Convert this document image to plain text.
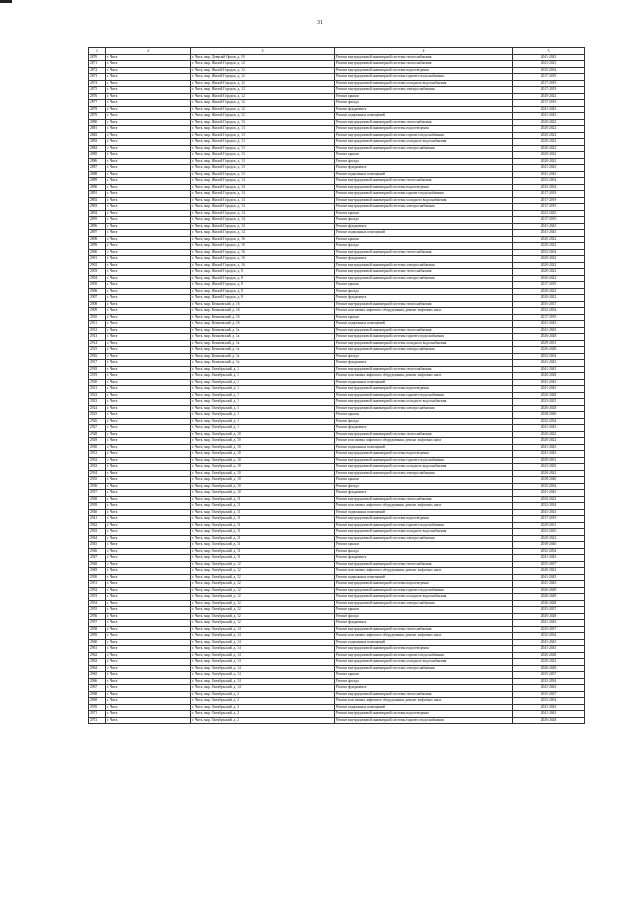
31
1	2	3	4	5
2870	г. Чита	г. Чита, мкр. Девятый Орлов, д. 10	Ремонт внутридомовой инженерной системы теплоснабжения	2041-2043
2871	г. Чита	г. Чита, мкр. Жилой Городок, д. 12	Ремонт внутридомовой инженерной системы теплоснабжения	2023-2025
2872	г. Чита	г. Чита, мкр. Жилой Городок, д. 12	Ремонт внутридомовой инженерной системы водоотведения	2032-2034
2873	г. Чита	г. Чита, мкр. Жилой Городок, д. 12	Ремонт внутридомовой инженерной системы горячего водоснабжения	2017-2019
2874	г. Чита	г. Чита, мкр. Жилой Городок, д. 12	Ремонт внутридомовой инженерной системы холодного водоснабжения	2017-2019
2875	г. Чита	г. Чита, мкр. Жилой Городок, д. 12	Ремонт внутридомовой инженерной системы электроснабжения	2017-2019
2876	г. Чита	г. Чита, мкр. Жилой Городок, д. 12	Ремонт крыши	2020-2022
2877	г. Чита	г. Чита, мкр. Жилой Городок, д. 12	Ремонт фасада	2017-2019
2878	г. Чита	г. Чита, мкр. Жилой Городок, д. 12	Ремонт фундамента	2041-2043
2879	г. Чита	г. Чита, мкр. Жилой Городок, д. 12	Ремонт подвальных помещений	2041-2043
2880	г. Чита	г. Чита, мкр. Жилой Городок, д. 13	Ремонт внутридомовой инженерной системы теплоснабжения	2020-2022
2881	г. Чита	г. Чита, мкр. Жилой Городок, д. 13	Ремонт внутридомовой инженерной системы водоотведения	2020-2022
2882	г. Чита	г. Чита, мкр. Жилой Городок, д. 13	Ремонт внутридомовой инженерной системы горячего водоснабжения	2020-2022
2883	г. Чита	г. Чита, мкр. Жилой Городок, д. 13	Ремонт внутридомовой инженерной системы холодного водоснабжения	2020-2022
2884	г. Чита	г. Чита, мкр. Жилой Городок, д. 13	Ремонт внутридомовой инженерной системы электроснабжения	2020-2022
2885	г. Чита	г. Чита, мкр. Жилой Городок, д. 13	Ремонт крыши	2020-2022
2886	г. Чита	г. Чита, мкр. Жилой Городок, д. 13	Ремонт фасада	2020-2022
2887	г. Чита	г. Чита, мкр. Жилой Городок, д. 13	Ремонт фундамента	2041-2043
2888	г. Чита	г. Чита, мкр. Жилой Городок, д. 13	Ремонт подвальных помещений	2041-2043
2889	г. Чита	г. Чита, мкр. Жилой Городок, д. 14	Ремонт внутридомовой инженерной системы теплоснабжения	2032-2034
2890	г. Чита	г. Чита, мкр. Жилой Городок, д. 14	Ремонт внутридомовой инженерной системы водоотведения	2032-2034
2891	г. Чита	г. Чита, мкр. Жилой Городок, д. 14	Ремонт внутридомовой инженерной системы горячего водоснабжения	2017-2019
2892	г. Чита	г. Чита, мкр. Жилой Городок, д. 14	Ремонт внутридомовой инженерной системы холодного водоснабжения	2017-2019
2893	г. Чита	г. Чита, мкр. Жилой Городок, д. 14	Ремонт внутридомовой инженерной системы электроснабжения	2017-2019
2894	г. Чита	г. Чита, мкр. Жилой Городок, д. 14	Ремонт крыши	2023-2025
2895	г. Чита	г. Чита, мкр. Жилой Городок, д. 14	Ремонт фасада	2017-2019
2896	г. Чита	г. Чита, мкр. Жилой Городок, д. 14	Ремонт фундамента	2041-2043
2897	г. Чита	г. Чита, мкр. Жилой Городок, д. 14	Ремонт подвальных помещений	2041-2043
2898	г. Чита	г. Чита, мкр. Жилой Городок, д. 16	Ремонт крыши	2020-2022
2899	г. Чита	г. Чита, мкр. Жилой Городок, д. 16	Ремонт фасада	2020-2022
2900	г. Чита	г. Чита, мкр. Жилой Городок, д. 16	Ремонт внутридомовой инженерной системы теплоснабжения	2032-2034
2901	г. Чита	г. Чита, мкр. Жилой Городок, д. 16	Ремонт фундамента	2020-2022
2902	г. Чита	г. Чита, мкр. Жилой Городок, д. 16	Ремонт внутридомовой инженерной системы электроснабжения	2020-2022
2903	г. Чита	г. Чита, мкр. Жилой Городок, д. 8	Ремонт внутридомовой инженерной системы теплоснабжения	2020-2022
2904	г. Чита	г. Чита, мкр. Жилой Городок, д. 8	Ремонт внутридомовой инженерной системы электроснабжения	2020-2022
2905	г. Чита	г. Чита, мкр. Жилой Городок, д. 8	Ремонт крыши	2017-2019
2906	г. Чита	г. Чита, мкр. Жилой Городок, д. 8	Ремонт фасада	2020-2022
2907	г. Чита	г. Чита, мкр. Жилой Городок, д. 8	Ремонт фундамента	2020-2022
2908	г. Чита	г. Чита, мкр. Кешковский, д. 16	Ремонт внутридомовой инженерной системы теплоснабжения	2035-2037
2909	г. Чита	г. Чита, мкр. Кешковский, д. 16	Ремонт или замена лифтового оборудования, ремонт лифтовых шахт	2032-2034
2910	г. Чита	г. Чита, мкр. Кешковский, д. 16	Ремонт крыши	2017-2019
2911	г. Чита	г. Чита, мкр. Кешковский, д. 16	Ремонт подвальных помещений	2041-2043
2912	г. Чита	г. Чита, мкр. Кешковский, д. 1а	Ремонт внутридомовой инженерной системы теплоснабжения	2041-2043
2913	г. Чита	г. Чита, мкр. Кешковский, д. 1а	Ремонт внутридомовой инженерной системы горячего водоснабжения	2026-2028
2914	г. Чита	г. Чита, мкр. Кешковский, д. 1а	Ремонт внутридомовой инженерной системы холодного водоснабжения	2029-2031
2915	г. Чита	г. Чита, мкр. Кешковский, д. 1а	Ремонт внутридомовой инженерной системы электроснабжения	2026-2028
2916	г. Чита	г. Чита, мкр. Кешковский, д. 1а	Ремонт фасада	2032-2034
2917	г. Чита	г. Чита, мкр. Кешковский, д. 1а	Ремонт фундамента	2041-2043
2918	г. Чита	г. Чита, мкр. Октябрьский, д. 1	Ремонт внутридомовой инженерной системы теплоснабжения	2041-2043
2919	г. Чита	г. Чита, мкр. Октябрьский, д. 1	Ремонт или замена лифтового оборудования, ремонт лифтовых шахт	2026-2028
2920	г. Чита	г. Чита, мкр. Октябрьский, д. 1	Ремонт подвальных помещений	2041-2043
2921	г. Чита	г. Чита, мкр. Октябрьский, д. 1	Ремонт внутридомовой инженерной системы водоотведения	2041-2043
2922	г. Чита	г. Чита, мкр. Октябрьский, д. 1	Ремонт внутридомовой инженерной системы горячего водоснабжения	2026-2028
2923	г. Чита	г. Чита, мкр. Октябрьский, д. 1	Ремонт внутридомовой инженерной системы холодного водоснабжения	2023-2025
2924	г. Чита	г. Чита, мкр. Октябрьский, д. 1	Ремонт внутридомовой инженерной системы электроснабжения	2026-2028
2925	г. Чита	г. Чита, мкр. Октябрьский, д. 1	Ремонт крыши	2038-2040
2926	г. Чита	г. Чита, мкр. Октябрьский, д. 1	Ремонт фасада	2032-2034
2927	г. Чита	г. Чита, мкр. Октябрьский, д. 1	Ремонт фундамента	2041-2043
2928	г. Чита	г. Чита, мкр. Октябрьский, д. 10	Ремонт внутридомовой инженерной системы теплоснабжения	2020-2022
2929	г. Чита	г. Чита, мкр. Октябрьский, д. 10	Ремонт или замена лифтового оборудования, ремонт лифтовых шахт	2020-2022
2930	г. Чита	г. Чита, мкр. Октябрьский, д. 10	Ремонт подвальных помещений	2041-2043
2931	г. Чита	г. Чита, мкр. Октябрьский, д. 10	Ремонт внутридомовой инженерной системы водоотведения	2041-2043
2932	г. Чита	г. Чита, мкр. Октябрьский, д. 10	Ремонт внутридомовой инженерной системы горячего водоснабжения	2029-2031
2933	г. Чита	г. Чита, мкр. Октябрьский, д. 10	Ремонт внутридомовой инженерной системы холодного водоснабжения	2023-2025
2934	г. Чита	г. Чита, мкр. Октябрьский, д. 10	Ремонт внутридомовой инженерной системы электроснабжения	2020-2022
2935	г. Чита	г. Чита, мкр. Октябрьский, д. 10	Ремонт крыши	2038-2040
2936	г. Чита	г. Чита, мкр. Октябрьский, д. 10	Ремонт фасада	2032-2034
2937	г. Чита	г. Чита, мкр. Октябрьский, д. 10	Ремонт фундамента	2041-2043
2938	г. Чита	г. Чита, мкр. Октябрьский, д. 11	Ремонт внутридомовой инженерной системы теплоснабжения	2020-2022
2939	г. Чита	г. Чита, мкр. Октябрьский, д. 11	Ремонт или замена лифтового оборудования, ремонт лифтовых шахт	2032-2034
2940	г. Чита	г. Чита, мкр. Октябрьский, д. 11	Ремонт подвальных помещений	2041-2043
2941	г. Чита	г. Чита, мкр. Октябрьский, д. 11	Ремонт внутридомовой инженерной системы водоотведения	2017-2019
2942	г. Чита	г. Чита, мкр. Октябрьский, д. 11	Ремонт внутридомовой инженерной системы горячего водоснабжения	2029-2031
2943	г. Чита	г. Чита, мкр. Октябрьский, д. 11	Ремонт внутридомовой инженерной системы холодного водоснабжения	2023-2025
2944	г. Чита	г. Чита, мкр. Октябрьский, д. 11	Ремонт внутридомовой инженерной системы электроснабжения	2020-2022
2945	г. Чита	г. Чита, мкр. Октябрьский, д. 11	Ремонт крыши	2038-2040
2946	г. Чита	г. Чита, мкр. Октябрьский, д. 11	Ремонт фасада	2032-2034
2947	г. Чита	г. Чита, мкр. Октябрьский, д. 11	Ремонт фундамента	2041-2043
2948	г. Чита	г. Чита, мкр. Октябрьский, д. 12	Ремонт внутридомовой инженерной системы теплоснабжения	2035-2037
2949	г. Чита	г. Чита, мкр. Октябрьский, д. 12	Ремонт или замена лифтового оборудования, ремонт лифтовых шахт	2020-2022
2950	г. Чита	г. Чита, мкр. Октябрьский, д. 12	Ремонт подвальных помещений	2041-2043
2951	г. Чита	г. Чита, мкр. Октябрьский, д. 12	Ремонт внутридомовой инженерной системы водоотведения	2041-2043
2952	г. Чита	г. Чита, мкр. Октябрьский, д. 12	Ремонт внутридомовой инженерной системы горячего водоснабжения	2026-2028
2953	г. Чита	г. Чита, мкр. Октябрьский, д. 12	Ремонт внутридомовой инженерной системы холодного водоснабжения	2026-2028
2954	г. Чита	г. Чита, мкр. Октябрьский, д. 12	Ремонт внутридомовой инженерной системы электроснабжения	2026-2028
2955	г. Чита	г. Чита, мкр. Октябрьский, д. 12	Ремонт крыши	2035-2037
2956	г. Чита	г. Чита, мкр. Октябрьский, д. 12	Ремонт фасада	2026-2028
2957	г. Чита	г. Чита, мкр. Октябрьский, д. 12	Ремонт фундамента	2041-2043
2958	г. Чита	г. Чита, мкр. Октябрьский, д. 14	Ремонт внутридомовой инженерной системы теплоснабжения	2035-2037
2959	г. Чита	г. Чита, мкр. Октябрьский, д. 14	Ремонт или замена лифтового оборудования, ремонт лифтовых шахт	2032-2034
2960	г. Чита	г. Чита, мкр. Октябрьский, д. 14	Ремонт подвальных помещений	2041-2043
2961	г. Чита	г. Чита, мкр. Октябрьский, д. 14	Ремонт внутридомовой инженерной системы водоотведения	2041-2043
2962	г. Чита	г. Чита, мкр. Октябрьский, д. 14	Ремонт внутридомовой инженерной системы горячего водоснабжения	2026-2028
2963	г. Чита	г. Чита, мкр. Октябрьский, д. 14	Ремонт внутридомовой инженерной системы холодного водоснабжения	2020-2022
2964	г. Чита	г. Чита, мкр. Октябрьский, д. 14	Ремонт внутридомовой инженерной системы электроснабжения	2026-2028
2965	г. Чита	г. Чита, мкр. Октябрьский, д. 14	Ремонт крыши	2035-2037
2966	г. Чита	г. Чита, мкр. Октябрьский, д. 14	Ремонт фасада	2032-2034
2967	г. Чита	г. Чита, мкр. Октябрьский, д. 14	Ремонт фундамента	2041-2043
2968	г. Чита	г. Чита, мкр. Октябрьский, д. 2	Ремонт внутридомовой инженерной системы теплоснабжения	2035-2037
2969	г. Чита	г. Чита, мкр. Октябрьский, д. 2	Ремонт или замена лифтового оборудования, ремонт лифтовых шахт	2032-2034
2970	г. Чита	г. Чита, мкр. Октябрьский, д. 2	Ремонт подвальных помещений	2041-2043
2971	г. Чита	г. Чита, мкр. Октябрьский, д. 2	Ремонт внутридомовой инженерной системы водоотведения	2041-2043
2972	г. Чита	г. Чита, мкр. Октябрьский, д. 2	Ремонт внутридомовой инженерной системы горячего водоснабжения	2026-2028
